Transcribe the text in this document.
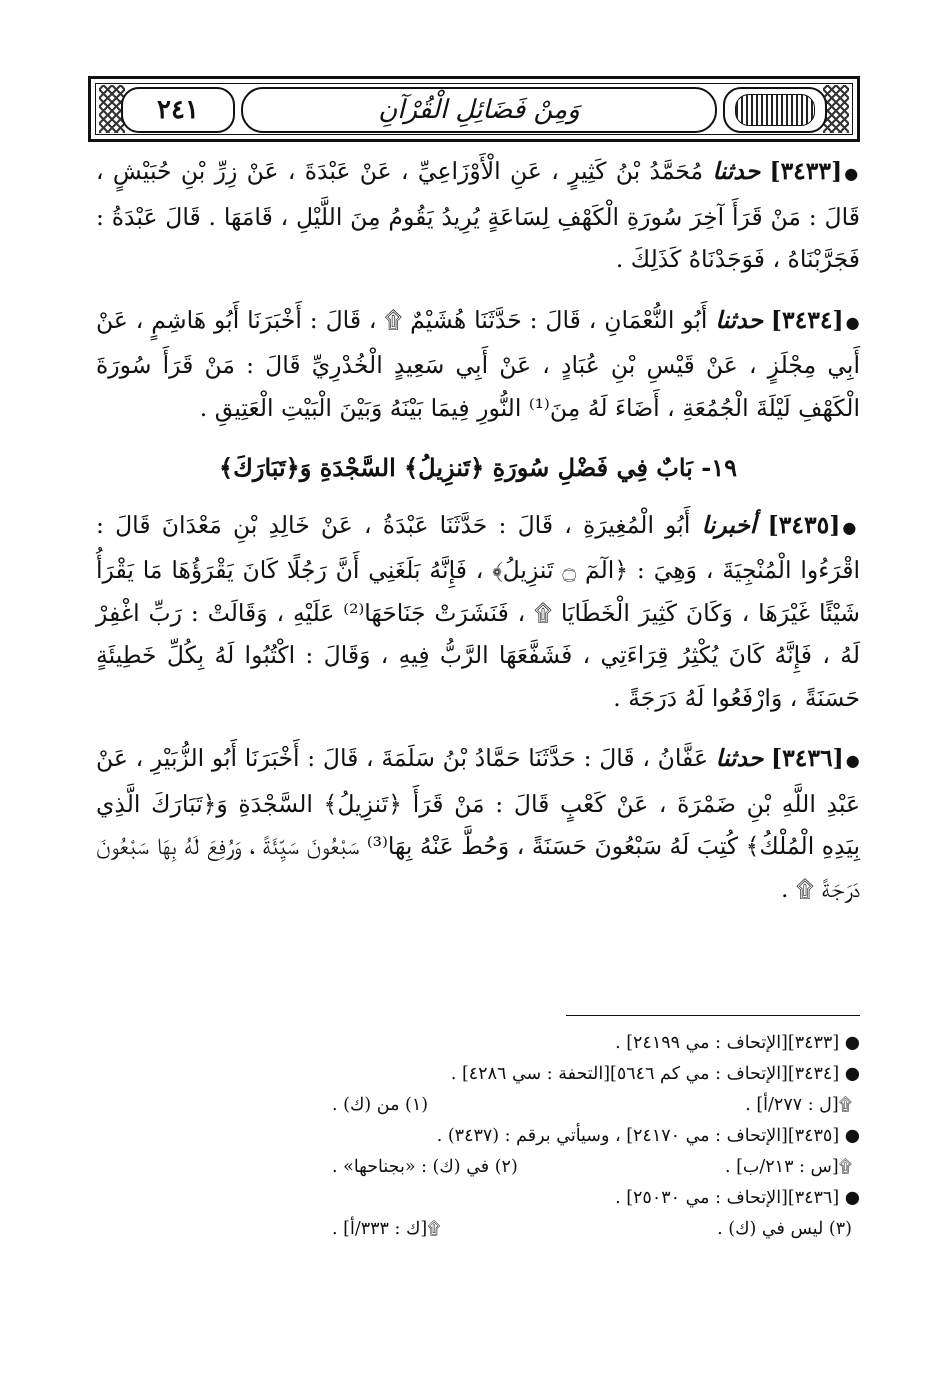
٢٤١	وَمِنْ فَضَائِلِ الْقُرْآنِ

●[٣٤٣٣] حدثنا مُحَمَّدُ بْنُ كَثِيرٍ ، عَنِ الْأَوْزَاعِيِّ ، عَنْ عَبْدَةَ ، عَنْ زِرِّ بْنِ حُبَيْشٍ ، قَالَ : مَنْ قَرَأَ آخِرَ سُورَةِ الْكَهْفِ لِسَاعَةٍ يُرِيدُ يَقُومُ مِنَ اللَّيْلِ ، قَامَهَا . قَالَ عَبْدَةُ : فَجَرَّبْنَاهُ ، فَوَجَدْنَاهُ كَذَلِكَ .

●[٣٤٣٤] حدثنا أَبُو النُّعْمَانِ ، قَالَ : حَدَّثَنَا هُشَيْمٌ ۩ ، قَالَ : أَخْبَرَنَا أَبُو هَاشِمٍ ، عَنْ أَبِي مِجْلَزٍ ، عَنْ قَيْسِ بْنِ عُبَادٍ ، عَنْ أَبِي سَعِيدٍ الْخُدْرِيِّ قَالَ : مَنْ قَرَأَ سُورَةَ الْكَهْفِ لَيْلَةَ الْجُمُعَةِ ، أَضَاءَ لَهُ مِنَ⁽¹⁾ النُّورِ فِيمَا بَيْنَهُ وَبَيْنَ الْبَيْتِ الْعَتِيقِ .

١٩- بَابٌ فِي فَضْلِ سُورَةِ ﴿تَنزِيلُ﴾ السَّجْدَةِ وَ﴿تَبَارَكَ﴾

●[٣٤٣٥] أخبرنا أَبُو الْمُغِيرَةِ ، قَالَ : حَدَّثَنَا عَبْدَةُ ، عَنْ خَالِدِ بْنِ مَعْدَانَ قَالَ : اقْرَءُوا الْمُنْجِيَةَ ، وَهِيَ : ﴿الٓمٓ ۝ تَنزِيلُ﴾ ، فَإِنَّهُ بَلَغَنِي أَنَّ رَجُلًا كَانَ يَقْرَؤُهَا مَا يَقْرَأُ شَيْئًا غَيْرَهَا ، وَكَانَ كَثِيرَ الْخَطَايَا ۩ ، فَنَشَرَتْ جَنَاحَهَا⁽²⁾ عَلَيْهِ ، وَقَالَتْ : رَبِّ اغْفِرْ لَهُ ، فَإِنَّهُ كَانَ يُكْثِرُ قِرَاءَتِي ، فَشَفَّعَهَا الرَّبُّ فِيهِ ، وَقَالَ : اكْتُبُوا لَهُ بِكُلِّ خَطِيئَةٍ حَسَنَةً ، وَارْفَعُوا لَهُ دَرَجَةً .

●[٣٤٣٦] حدثنا عَفَّانُ ، قَالَ : حَدَّثَنَا حَمَّادُ بْنُ سَلَمَةَ ، قَالَ : أَخْبَرَنَا أَبُو الزُّبَيْرِ ، عَنْ عَبْدِ اللَّهِ بْنِ ضَمْرَةَ ، عَنْ كَعْبٍ قَالَ : مَنْ قَرَأَ ﴿تَنزِيلُ﴾ السَّجْدَةِ وَ﴿تَبَارَكَ الَّذِي بِيَدِهِ الْمُلْكُ﴾ كُتِبَ لَهُ سَبْعُونَ حَسَنَةً ، وَحُطَّ عَنْهُ بِهَا⁽³⁾ سَبْعُونَ سَيِّئَةً ، وَرُفِعَ لَهُ بِهَا سَبْعُونَ دَرَجَةً ۩ .

● [٣٤٣٣][الإتحاف : مي ٢٤١٩٩] .
● [٣٤٣٤][الإتحاف : مي كم ٥٦٤٦][التحفة : سي ٤٢٨٦] .
۩[ل : ٢٧٧/أ] .
(١) من (ك) .
● [٣٤٣٥][الإتحاف : مي ٢٤١٧٠] ، وسيأتي برقم : (٣٤٣٧) .
۩[س : ٢١٣/ب] .
(٢) في (ك) : «بجناحها» .
● [٣٤٣٦][الإتحاف : مي ٢٥٠٣٠] .
(٣) ليس في (ك) .
۩[ك : ٣٣٣/أ] .
